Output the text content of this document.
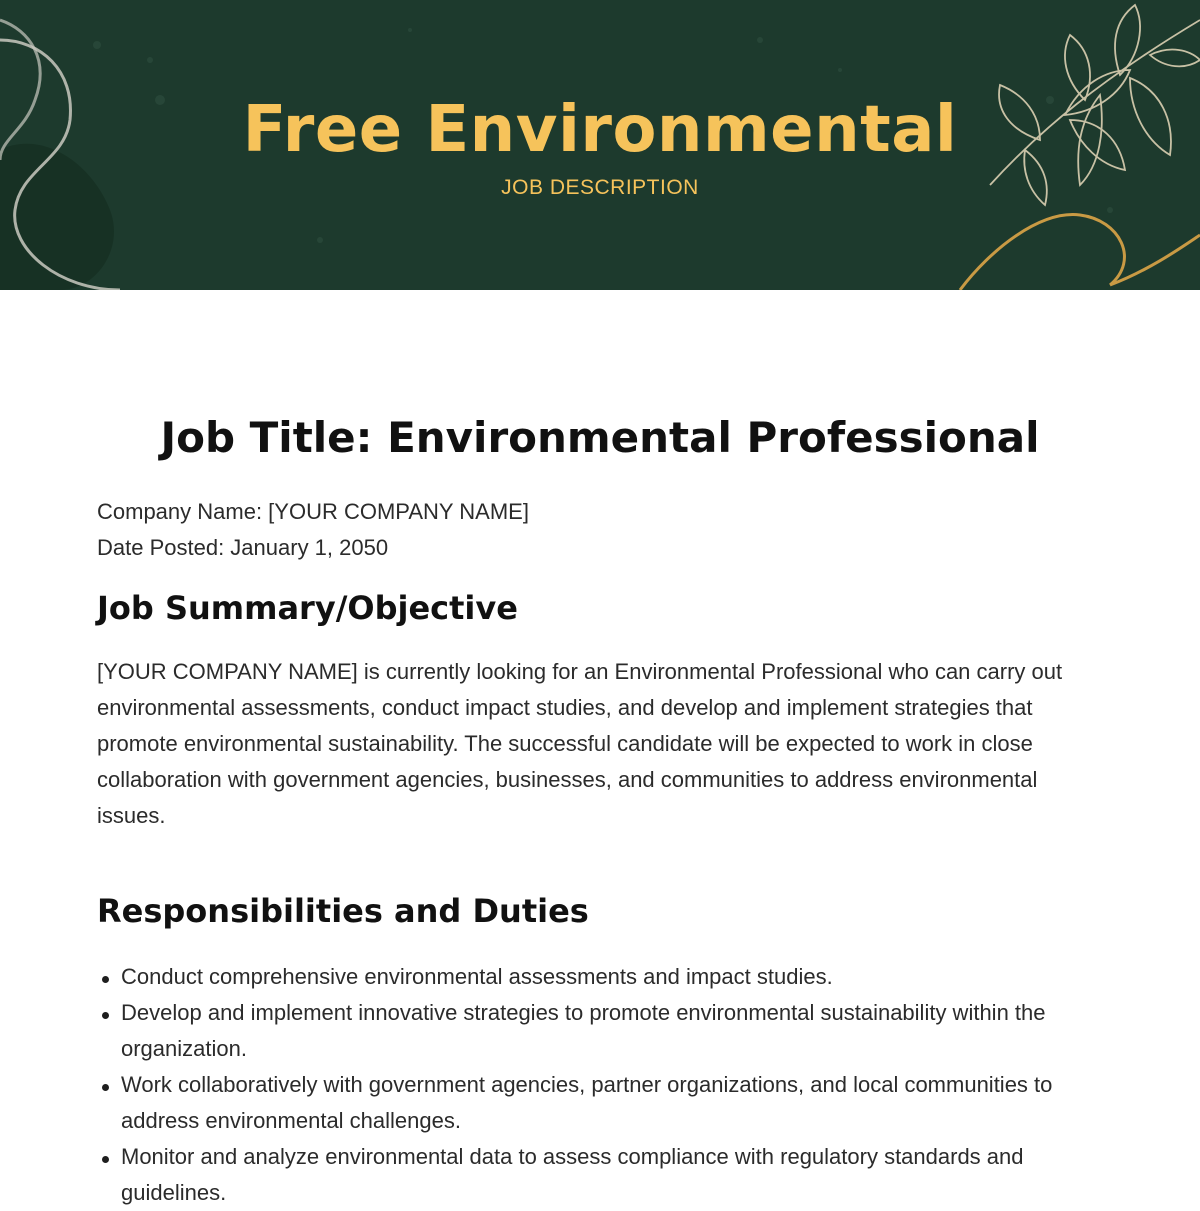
Free Environmental
JOB DESCRIPTION
Job Title: Environmental Professional
Company Name: [YOUR COMPANY NAME]
Date Posted: January 1, 2050
Job Summary/Objective

[YOUR COMPANY NAME] is currently looking for an Environmental Professional who can carry out environmental assessments, conduct impact studies, and develop and implement strategies that promote environmental sustainability. The successful candidate will be expected to work in close collaboration with government agencies, businesses, and communities to address environmental issues.

Responsibilities and Duties
Conduct comprehensive environmental assessments and impact studies.
Develop and implement innovative strategies to promote environmental sustainability within the organization.
Work collaboratively with government agencies, partner organizations, and local communities to address environmental challenges.
Monitor and analyze environmental data to assess compliance with regulatory standards and guidelines.
